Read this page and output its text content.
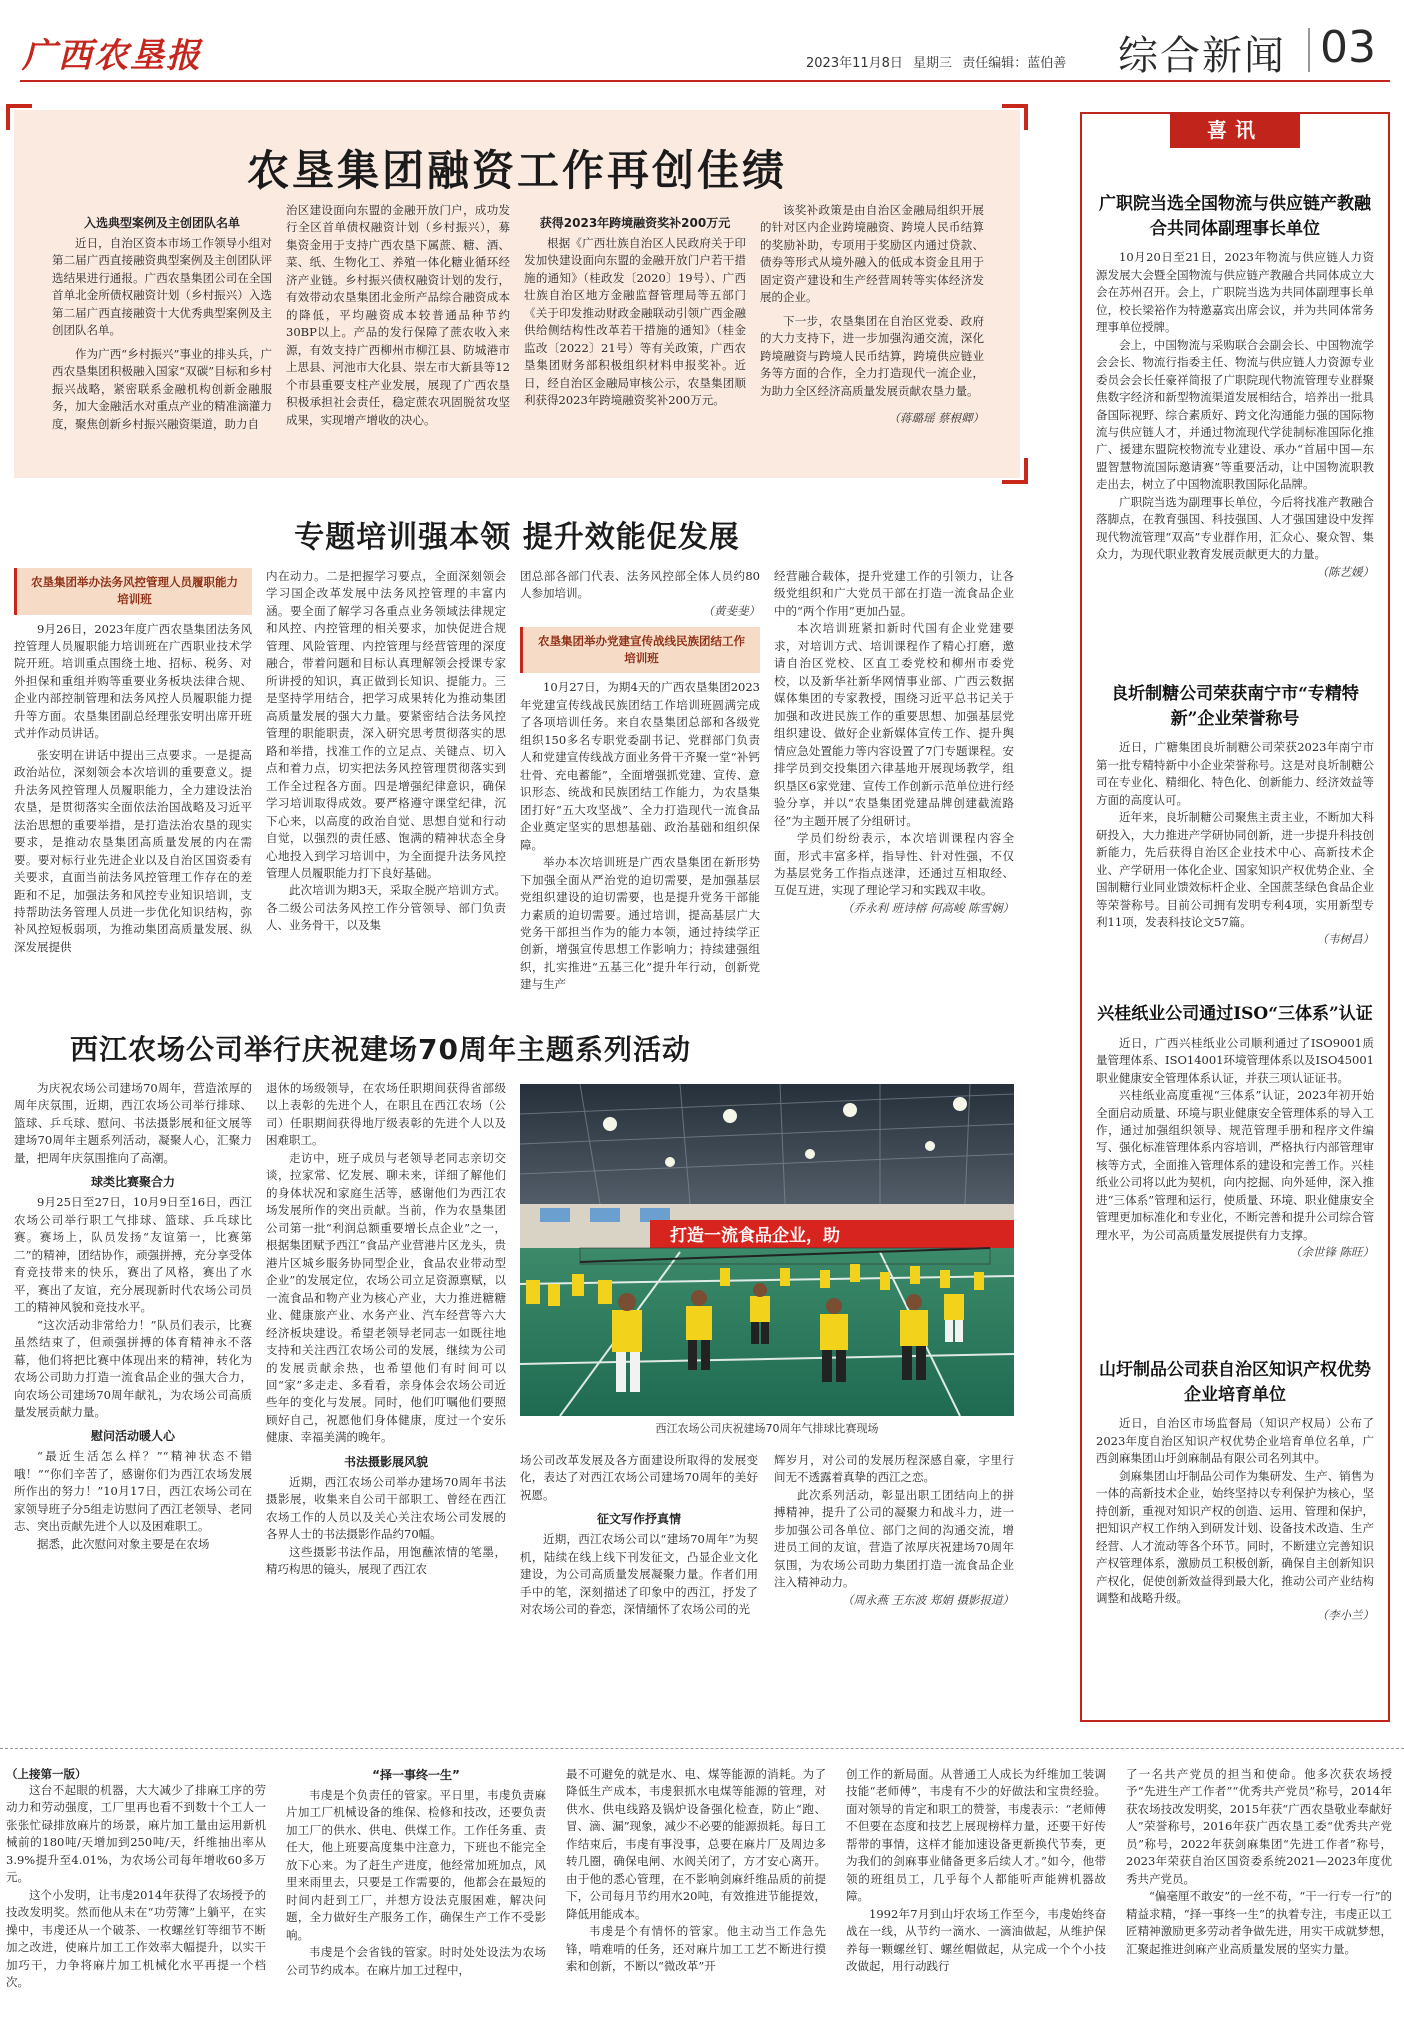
广西农垦报	2023年11月8日 星期三 责任编辑：蓝伯善 综合新闻 03
农垦集团融资工作再创佳绩
入选典型案例及主创团队名单

近日，自治区资本市场工作领导小组对第二届广西直接融资典型案例及主创团队评选结果进行通报。广西农垦集团公司在全国首单北金所债权融资计划（乡村振兴）入选第二届广西直接融资十大优秀典型案例及主创团队名单。

作为广西“乡村振兴”事业的排头兵，广西农垦集团积极融入国家“双碳”目标和乡村振兴战略，紧密联系金融机构创新金融服务，加大金融活水对重点产业的精准滴灌力度，聚焦创新乡村振兴融资渠道，助力自

治区建设面向东盟的金融开放门户，成功发行全区首单债权融资计划（乡村振兴），募集资金用于支持广西农垦下属蔗、糖、酒、菜、纸、生物化工、养殖一体化糖业循环经济产业链。乡村振兴债权融资计划的发行，有效带动农垦集团北金所产品综合融资成本的降低，平均融资成本较普通品种节约30BP以上。产品的发行保障了蔗农收入来源，有效支持广西柳州市柳江县、防城港市上思县、河池市大化县、崇左市大新县等12个市县重要支柱产业发展，展现了广西农垦积极承担社会责任，稳定蔗农巩固脱贫攻坚成果，实现增产增收的决心。

获得2023年跨境融资奖补200万元

根据《广西壮族自治区人民政府关于印发加快建设面向东盟的金融开放门户若干措施的通知》（桂政发〔2020〕19号）、广西壮族自治区地方金融监督管理局等五部门《关于印发推动财政金融联动引领广西金融供给侧结构性改革若干措施的通知》（桂金监改〔2022〕21号）等有关政策，广西农垦集团财务部积极组织材料申报奖补。近日，经自治区金融局审核公示，农垦集团顺利获得2023年跨境融资奖补200万元。

该奖补政策是由自治区金融局组织开展的针对区内企业跨境融资、跨境人民币结算的奖励补助，专项用于奖励区内通过贷款、债券等形式从境外融入的低成本资金且用于固定资产建设和生产经营周转等实体经济发展的企业。

下一步，农垦集团在自治区党委、政府的大力支持下，进一步加强沟通交流，深化跨境融资与跨境人民币结算，跨境供应链业务等方面的合作，全力打造现代一流企业，为助力全区经济高质量发展贡献农垦力量。

（蒋璐瑶 蔡根卿）
专题培训强本领 提升效能促发展
农垦集团举办法务风控管理人员履职能力培训班

9月26日，2023年度广西农垦集团法务风控管理人员履职能力培训班在广西职业技术学院开班。培训重点围绕土地、招标、税务、对外担保和重组并购等重要业务板块法律合规、企业内部控制管理和法务风控人员履职能力提升等方面。农垦集团副总经理张安明出席开班式并作动员讲话。

张安明在讲话中提出三点要求。一是提高政治站位，深刻领会本次培训的重要意义。提升法务风控管理人员履职能力，全力建设法治农垦，是贯彻落实全面依法治国战略及习近平法治思想的重要举措，是打造法治农垦的现实要求，是推动农垦集团高质量发展的内在需要。要对标行业先进企业以及自治区国资委有关要求，直面当前法务风控管理工作存在的差距和不足，加强法务和风控专业知识培训，支持帮助法务管理人员进一步优化知识结构，弥补风控短板弱项，为推动集团高质量发展、纵深发展提供

内在动力。二是把握学习要点，全面深刻领会学习国企改革发展中法务风控管理的丰富内涵。要全面了解学习各重点业务领域法律规定和风控、内控管理的相关要求，加快促进合规管理、风险管理、内控管理与经营管理的深度融合，带着问题和目标认真理解领会授课专家所讲授的知识，真正做到长知识、提能力。三是坚持学用结合，把学习成果转化为推动集团高质量发展的强大力量。要紧密结合法务风控管理的职能职责，深入研究思考贯彻落实的思路和举措，找准工作的立足点、关键点、切入点和着力点，切实把法务风控管理贯彻落实到工作全过程各方面。四是增强纪律意识，确保学习培训取得成效。要严格遵守课堂纪律，沉下心来，以高度的政治自觉、思想自觉和行动自觉，以强烈的责任感、饱满的精神状态全身心地投入到学习培训中，为全面提升法务风控管理人员履职能力打下良好基础。

此次培训为期3天，采取全脱产培训方式。各二级公司法务风控工作分管领导、部门负责人、业务骨干，以及集

团总部各部门代表、法务风控部全体人员约80人参加培训。

（黄斐斐）
农垦集团举办党建宣传战线民族团结工作培训班

10月27日，为期4天的广西农垦集团2023年党建宣传线战民族团结工作培训班圆满完成了各项培训任务。来自农垦集团总部和各级党组织150多名专职党委副书记、党群部门负责人和党建宣传线战方面业务骨干齐聚一堂“补钙壮骨、充电蓄能”，全面增强抓党建、宣传、意识形态、统战和民族团结工作能力，为农垦集团打好“五大攻坚战”、全力打造现代一流食品企业奠定坚实的思想基础、政治基础和组织保障。

举办本次培训班是广西农垦集团在新形势下加强全面从严治党的迫切需要，是加强基层党组织建设的迫切需要，也是提升党务干部能力素质的迫切需要。通过培训，提高基层广大党务干部担当作为的能力本领，通过持续学正创新，增强宣传思想工作影响力；持续建强组织，扎实推进“五基三化”提升年行动，创新党建与生产

经营融合载体，提升党建工作的引领力，让各级党组织和广大党员干部在打造一流食品企业中的“两个作用”更加凸显。

本次培训班紧扣新时代国有企业党建要求，对培训方式、培训课程作了精心打磨，邀请自治区党校、区直工委党校和柳州市委党校，以及新华社新华网情事业部、广西云数据媒体集团的专家教授，围绕习近平总书记关于加强和改进民族工作的重要思想、加强基层党组织建设、做好企业新媒体宣传工作、提升舆情应急处置能力等内容设置了7门专题课程。安排学员到交投集团六律基地开展现场教学，组织垦区6家党建、宣传工作创新示范单位进行经验分享，并以“农垦集团党建品牌创建截流路径”为主题开展了分组研讨。

学员们纷纷表示，本次培训课程内容全面，形式丰富多样，指导性、针对性强，不仅为基层党务工作指点迷津，还通过互相取经、互促互进，实现了理论学习和实践双丰收。

（乔永利 班诗榕 何高峻 陈雪娴）
西江农场公司举行庆祝建场70周年主题系列活动

为庆祝农场公司建场70周年，营造浓厚的周年庆氛围，近期，西江农场公司举行排球、篮球、乒乓球、慰问、书法摄影展和征文展等建场70周年主题系列活动，凝聚人心，汇聚力量，把周年庆氛围推向了高潮。

球类比赛聚合力

9月25日至27日，10月9日至16日，西江农场公司举行职工气排球、篮球、乒乓球比赛。赛场上，队员发扬“友谊第一，比赛第二”的精神，团结协作，顽强拼搏，充分享受体育竞技带来的快乐，赛出了风格，赛出了水平，赛出了友谊，充分展现新时代农场公司员工的精神风貌和竞技水平。

“这次活动非常给力！”队员们表示，比赛虽然结束了，但顽强拼搏的体育精神永不落幕，他们将把比赛中体现出来的精神，转化为农场公司助力打造一流食品企业的强大合力，向农场公司建场70周年献礼，为农场公司高质量发展贡献力量。

慰问活动暖人心

“最近生活怎么样？”“精神状态不错哦！”“你们辛苦了，感谢你们为西江农场发展所作出的努力！”10月17日，西江农场公司在家领导班子分5组走访慰问了西江老领导、老同志、突出贡献先进个人以及困难职工。

据悉，此次慰问对象主要是在农场

退休的场级领导，在农场任职期间获得省部级以上表彰的先进个人，在职且在西江农场（公司）任职期间获得地厅级表彰的先进个人以及困难职工。

走访中，班子成员与老领导老同志亲切交谈，拉家常、忆发展、聊未来，详细了解他们的身体状况和家庭生活等，感谢他们为西江农场发展所作的突出贡献。当前，作为农垦集团公司第一批“利润总额重要增长点企业”之一，根据集团赋予西江“食品产业营港片区龙头，贵港片区城乡服务协同型企业，食品农业带动型企业”的发展定位，农场公司立足资源禀赋，以一流食品和物产业为核心产业，大力推进糖糖业、健康旅产业、水务产业、汽车经营等六大经济板块建设。希望老领导老同志一如既往地支持和关注西江农场公司的发展，继续为公司的发展贡献余热，也希望他们有时间可以回“家”多走走、多看看，亲身体会农场公司近些年的变化与发展。同时，他们叮嘱他们要照顾好自己，祝愿他们身体健康，度过一个安乐健康、幸福美满的晚年。

书法摄影展风貌

近期，西江农场公司举办建场70周年书法摄影展，收集来自公司干部职工、曾经在西江农场工作的人员以及关心关注农场公司发展的各界人士的书法摄影作品约70幅。

这些摄影书法作品，用饱蘸浓情的笔墨，精巧构思的镜头，展现了西江农

打造一流食品企业，助
西江农场公司庆祝建场70周年气排球比赛现场

场公司改革发展及各方面建设所取得的发展变化，表达了对西江农场公司建场70周年的美好祝愿。

征文写作抒真情

近期，西江农场公司以“建场70周年”为契机，陆续在线上线下刊发征文，凸显企业文化建设，为公司高质量发展凝聚力量。作者们用手中的笔，深刻描述了印象中的西江，抒发了对农场公司的眷恋，深情缅怀了农场公司的光

辉岁月，对公司的发展历程深感自豪，字里行间无不透露着真挚的西江之恋。

此次系列活动，彰显出职工团结向上的拼搏精神，提升了公司的凝聚力和战斗力，进一步加强公司各单位、部门之间的沟通交流，增进员工间的友谊，营造了浓厚庆祝建场70周年氛围，为农场公司助力集团打造一流食品企业注入精神动力。

（周永燕 王东波 郑娟 摄影报道）
喜讯
广职院当选全国物流与供应链产教融合共同体副理事长单位

10月20日至21日，2023年物流与供应链人力资源发展大会暨全国物流与供应链产教融合共同体成立大会在苏州召开。会上，广职院当选为共同体副理事长单位，校长梁裕作为特邀嘉宾出席会议，并为共同体常务理事单位授牌。

会上，中国物流与采购联合会副会长、中国物流学会会长、物流行指委主任、物流与供应链人力资源专业委员会会长任豪祥简报了广职院现代物流管理专业群聚焦数字经济和新型物流渠道发展相结合，培养出一批具备国际视野、综合素质好、跨文化沟通能力强的国际物流与供应链人才，并通过物流现代学徒制标准国际化推广、援建东盟院校物流专业建设、承办“首届中国—东盟智慧物流国际邀请赛”等重要活动，让中国物流职教走出去，树立了中国物流职教国际化品牌。

广职院当选为副理事长单位，今后将找准产教融合落脚点，在教育强国、科技强国、人才强国建设中发挥现代物流管理“双高”专业群作用，汇众心、聚众智、集众力，为现代职业教育发展贡献更大的力量。

（陈艺媛）
良圻制糖公司荣获南宁市“专精特新”企业荣誉称号

近日，广糖集团良圻制糖公司荣获2023年南宁市第一批专精特新中小企业荣誉称号。这是对良圻制糖公司在专业化、精细化、特色化、创新能力、经济效益等方面的高度认可。

近年来，良圻制糖公司聚焦主责主业，不断加大科研投入，大力推进产学研协同创新，进一步提升科技创新能力，先后获得自治区企业技术中心、高新技术企业、产学研用一体化企业、国家知识产权优势企业、全国制糖行业同业馈效标杆企业、全国蔗茎绿色食品企业等荣誉称号。目前公司拥有发明专利4项，实用新型专利11项，发表科技论文57篇。

（韦树昌）
兴桂纸业公司通过ISO“三体系”认证

近日，广西兴桂纸业公司顺利通过了ISO9001质量管理体系、ISO14001环境管理体系以及ISO45001职业健康安全管理体系认证，并获三项认证证书。

兴桂纸业高度重视“三体系”认证，2023年初开始全面启动质量、环境与职业健康安全管理体系的导入工作，通过加强组织领导、规范管理手册和程序文件编写、强化标准管理体系内容培训，严格执行内部管理审核等方式，全面推入管理体系的建设和完善工作。兴桂纸业公司将以此为契机，向内挖掘、向外延伸，深入推进“三体系”管理和运行，使质量、环境、职业健康安全管理更加标准化和专业化，不断完善和提升公司综合管理水平，为公司高质量发展提供有力支撑。

（余世锋 陈旺）
山圩制品公司获自治区知识产权优势企业培育单位

近日，自治区市场监督局（知识产权局）公布了2023年度自治区知识产权优势企业培育单位名单，广西剑麻集团山圩剑麻制品有限公司名列其中。

剑麻集团山圩制品公司作为集研发、生产、销售为一体的高新技术企业，始终坚持以专利保护为核心，坚持创新，重视对知识产权的创造、运用、管理和保护，把知识产权工作纳入到研发计划、设备技术改造、生产经营、人才流动等各个环节。同时，不断建立完善知识产权管理体系，激励员工积极创新，确保自主创新知识产权化，促使创新效益得到最大化，推动公司产业结构调整和战略升级。

（李小兰）
（上接第一版）

这台不起眼的机器，大大减少了排麻工序的劳动力和劳动强度，工厂里再也看不到数十个工人一张张忙碌排放麻片的场景，麻片加工量由运用新机械前的180吨/天增加到250吨/天，纤维抽出率从3.9%提升至4.01%，为农场公司每年增收60多万元。

这个小发明，让韦虔2014年获得了农场授予的技改发明奖。然而他从未在“功劳簿”上躺平，在实操中，韦虔还从一个破茶、一枚螺丝钉等细节不断加之改进，使麻片加工工作效率大幅提升，以实干加巧干，力争将麻片加工机械化水平再提一个档次。

“择一事终一生”

韦虔是个负责任的管家。平日里，韦虔负责麻片加工厂机械设备的维保、检修和技改，还要负责加工厂的供水、供电、供煤工作。工作任务重、责任大，他上班要高度集中注意力，下班也不能完全放下心来。为了赶生产进度，他经常加班加点，风里来雨里去，只要是工作需要的，他都会在最短的时间内赶到工厂，并想方设法克服困难，解决问题，全力做好生产服务工作，确保生产工作不受影响。

韦虔是个会省钱的管家。时时处处设法为农场公司节约成本。在麻片加工过程中，

最不可避免的就是水、电、煤等能源的消耗。为了降低生产成本，韦虔狠抓水电煤等能源的管理，对供水、供电线路及锅炉设备强化检查，防止“跑、冒、滴、漏”现象，减少不必要的能源损耗。每日工作结束后，韦虔有事没事，总要在麻片厂及周边多转几圈，确保电闸、水阀关闭了，方才安心离开。由于他的悉心管理，在不影响剑麻纤维品质的前提下，公司每月节约用水20吨，有效推进节能提效，降低用能成本。

韦虔是个有情怀的管家。他主动当工作急先锋，啃难啃的任务，还对麻片加工工艺不断进行摸索和创新，不断以“微改革”开

创工作的新局面。从普通工人成长为纤维加工装调技能“老师傅”，韦虔有不少的好做法和宝贵经验。面对领导的肯定和职工的赞誉，韦虔表示：“老师傅不但要在态度和技艺上展现榜样力量，还要干好传帮带的事情，这样才能加速设备更新换代节奏，更为我们的剑麻事业储备更多后续人才。”如今，他带领的班组员工，几乎每个人都能听声能辨机器故障。

1992年7月到山圩农场工作至今，韦虔始终奋战在一线，从节约一滴水、一滴油做起，从维护保养每一颗螺丝钉、螺丝帽做起，从完成一个个小技改做起，用行动践行

了一名共产党员的担当和使命。他多次获农场授予“先进生产工作者”“优秀共产党员”称号，2014年获农场技改发明奖，2015年获“广西农垦敬业奉献好人”荣誉称号，2016年获广西农垦工委“优秀共产党员”称号，2022年获剑麻集团“先进工作者”称号，2023年荣获自治区国资委系统2021—2023年度优秀共产党员。

“偏毫厘不敢安”的一丝不苟，“干一行专一行”的精益求精，“择一事终一生”的执着专注，韦虔正以工匠精神激励更多劳动者争做先进，用实干成就梦想，汇聚起推进剑麻产业高质量发展的坚实力量。
